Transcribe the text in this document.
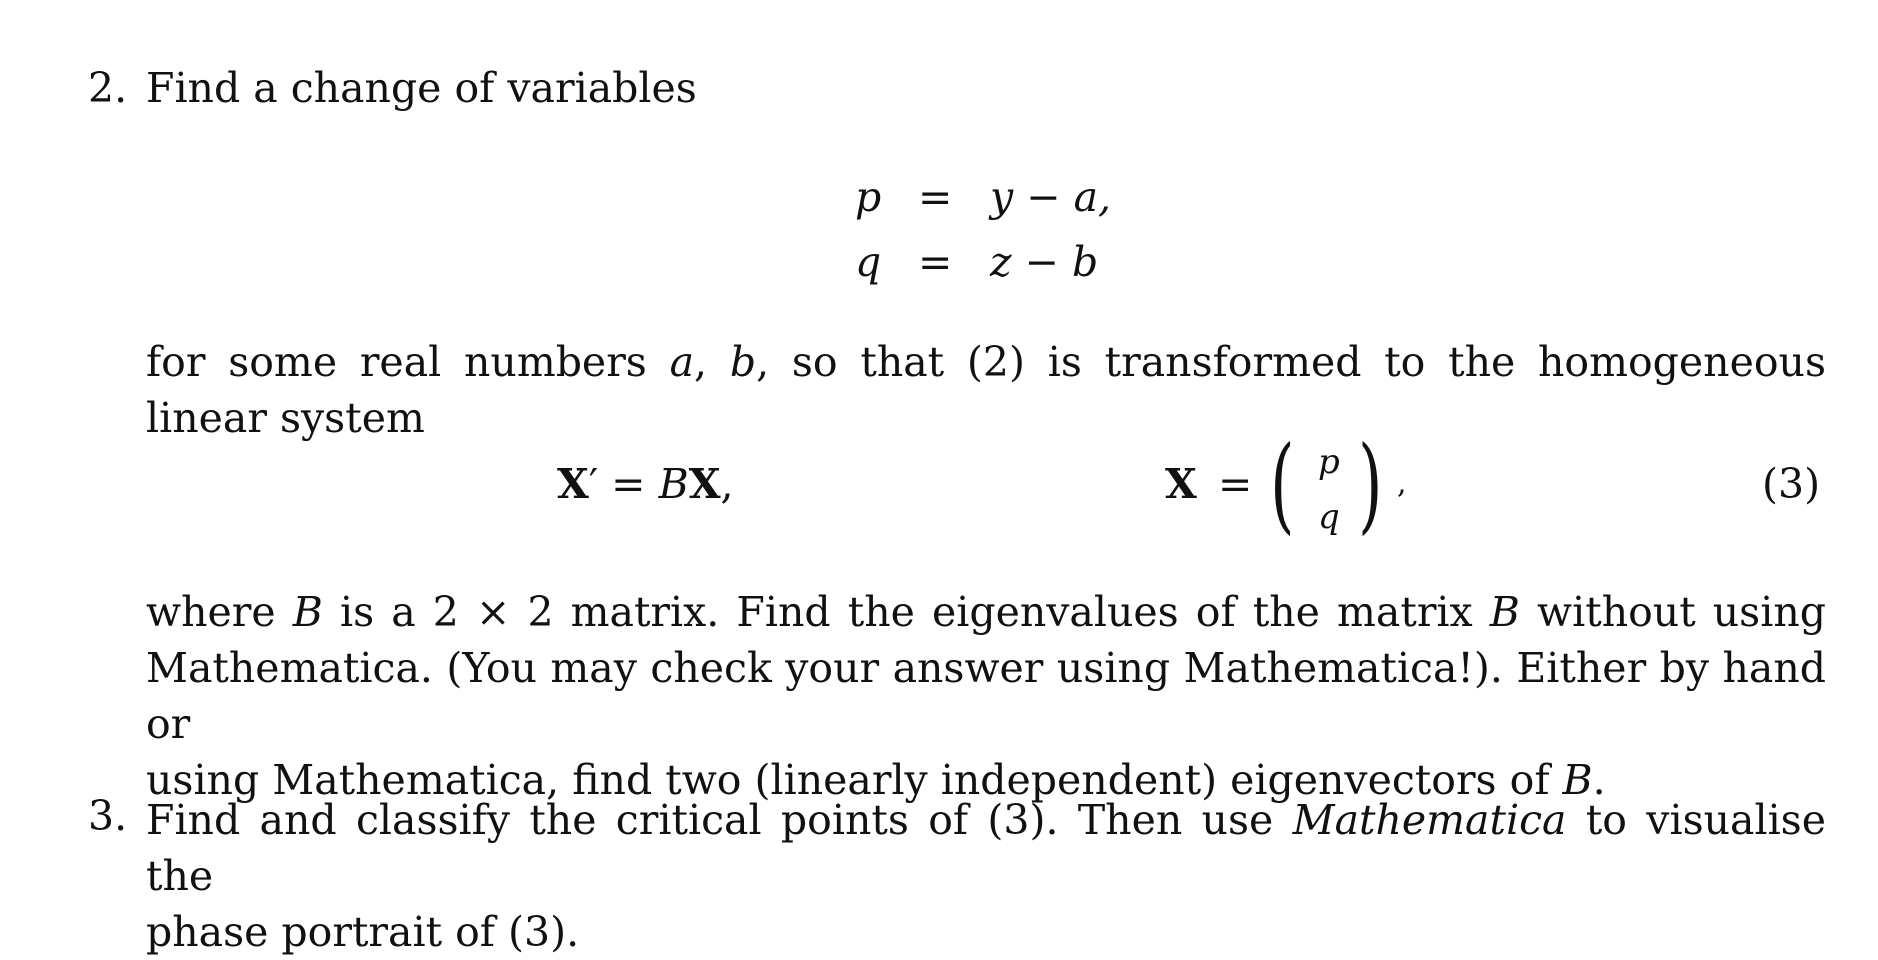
2. Find a change of variables
p = y − a,
q = z − b
for some real numbers a, b, so that (2) is transformed to the homogeneous linear system
X′ = BX,	X = ( p
q ) ,	(3)
where B is a 2 × 2 matrix. Find the eigenvalues of the matrix B without using
Mathematica. (You may check your answer using Mathematica!). Either by hand or
using Mathematica, find two (linearly independent) eigenvectors of B.
3. Find and classify the critical points of (3). Then use Mathematica to visualise the
phase portrait of (3).
